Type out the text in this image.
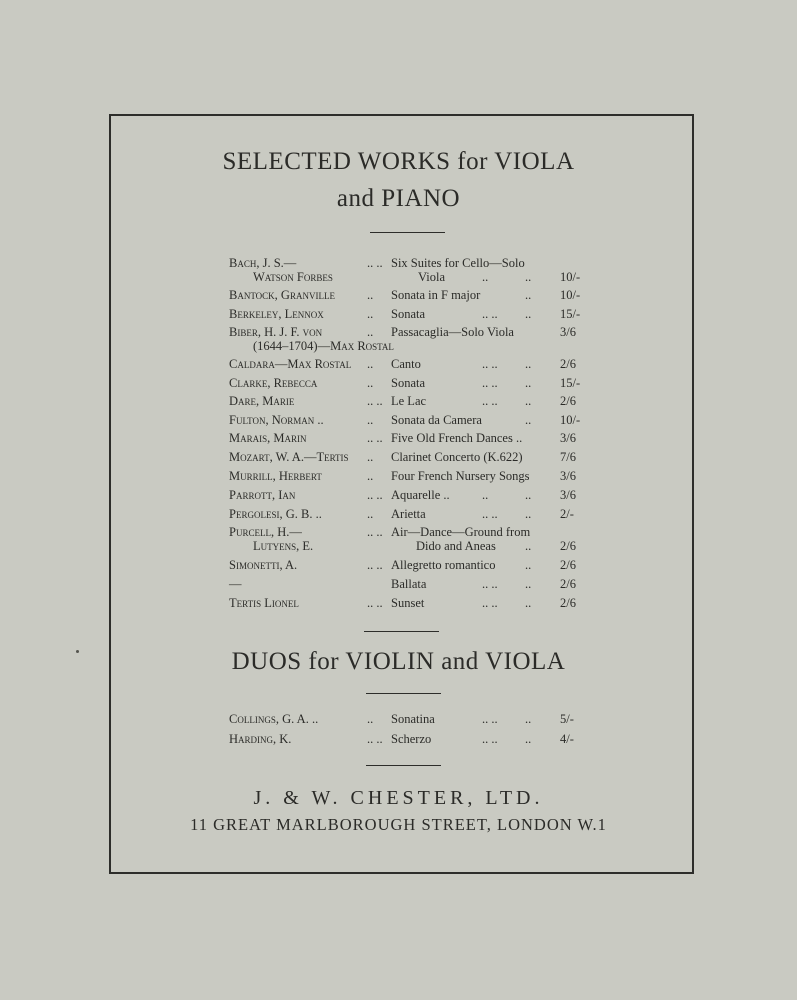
SELECTED WORKS for VIOLA
and PIANO
Bach, J. S.—	.. .. Six Suites for Cello—Solo
Watson Forbes	Viola	..	.. 10/-
Bantock, Granville	.. Sonata in F major	.. 10/-
Berkeley, Lennox	.. Sonata	.. .. .. 15/-
Biber, H. J. F. von	.. Passacaglia—Solo Viola	3/6
(1644–1704)—Max Rostal
Caldara—Max Rostal .. Canto	.. .. .. 2/6
Clarke, Rebecca	.. Sonata	.. .. .. 15/-
Dare, Marie	.. .. Le Lac	.. .. .. 2/6
Fulton, Norman ..	.. Sonata da Camera	.. 10/-
Marais, Marin	.. .. Five Old French Dances ..	3/6
Mozart, W. A.—Tertis .. Clarinet Concerto (K.622)	7/6
Murrill, Herbert	.. Four French Nursery Songs 3/6
Parrott, Ian	.. .. Aquarelle ..	..	.. 3/6
Pergolesi, G. B. ..	.. Arietta	.. .. .. 2/-
Purcell, H.—	.. .. Air—Dance—Ground from
Lutyens, E.	Dido and Aneas .. 2/6
Simonetti, A.	.. .. Allegretto romantico .. 2/6
—	Ballata	.. .. .. 2/6
Tertis Lionel	.. .. Sunset	.. .. .. 2/6
DUOS for VIOLIN and VIOLA
Collings, G. A. ..	.. Sonatina	.. .. .. 5/-
Harding, K.	.. .. Scherzo	.. .. .. 4/-
J. & W. CHESTER, LTD.
11 GREAT MARLBOROUGH STREET, LONDON W.1
